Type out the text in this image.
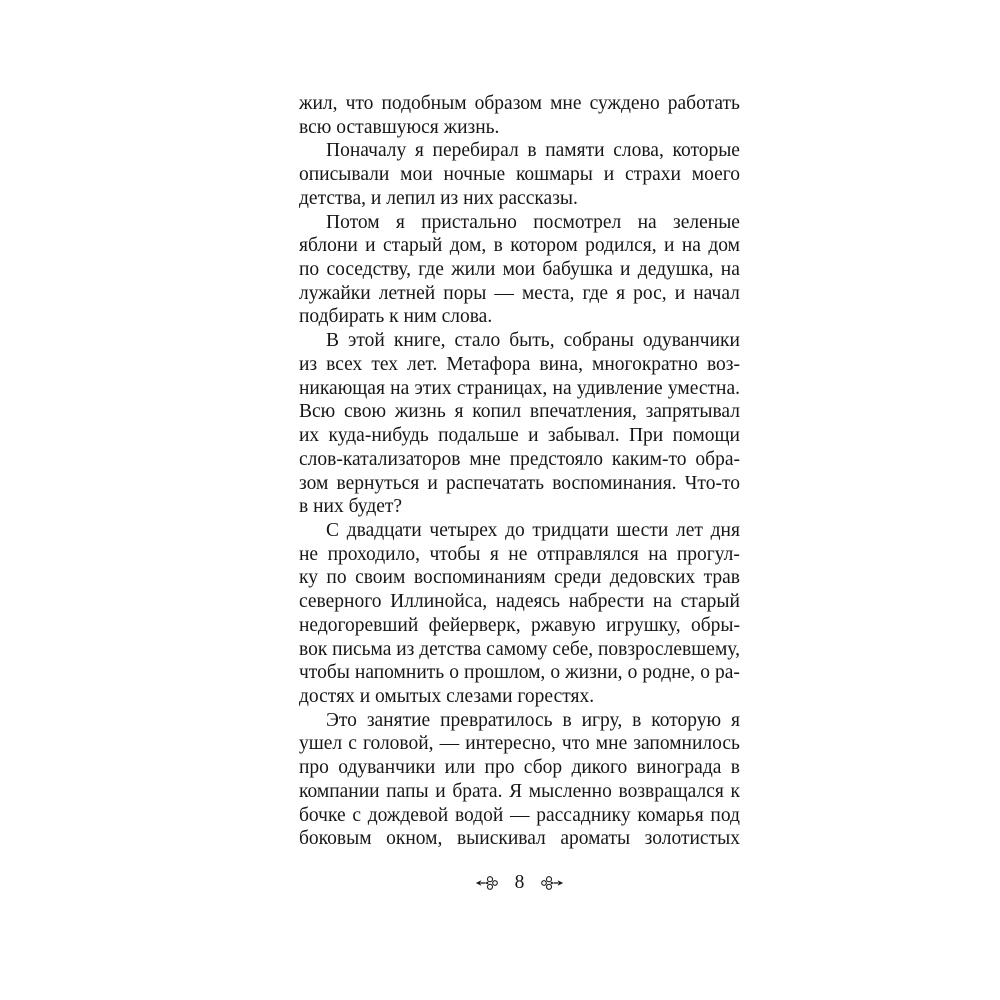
жил, что подобным образом мне суждено работать
всю оставшуюся жизнь.
Поначалу я перебирал в памяти слова, которые
описывали мои ночные кошмары и страхи моего
детства, и лепил из них рассказы.
Потом я пристально посмотрел на зеленые
яблони и старый дом, в котором родился, и на дом
по соседству, где жили мои бабушка и дедушка, на
лужайки летней поры — места, где я рос, и начал
подбирать к ним слова.
В этой книге, стало быть, собраны одуванчики
из всех тех лет. Метафора вина, многократно воз-
никающая на этих страницах, на удивление уместна.
Всю свою жизнь я копил впечатления, запрятывал
их куда-нибудь подальше и забывал. При помощи
слов-катализаторов мне предстояло каким-то обра-
зом вернуться и распечатать воспоминания. Что-то
в них будет?
С двадцати четырех до тридцати шести лет дня
не проходило, чтобы я не отправлялся на прогул-
ку по своим воспоминаниям среди дедовских трав
северного Иллинойса, надеясь набрести на старый
недогоревший фейерверк, ржавую игрушку, обры-
вок письма из детства самому себе, повзрослевшему,
чтобы напомнить о прошлом, о жизни, о родне, о ра-
достях и омытых слезами горестях.
Это занятие превратилось в игру, в которую я
ушел с головой, — интересно, что мне запомнилось
про одуванчики или про сбор дикого винограда в
компании папы и брата. Я мысленно возвращался к
бочке с дождевой водой — рассаднику комарья под
боковым окном, выискивал ароматы золотистых
8
